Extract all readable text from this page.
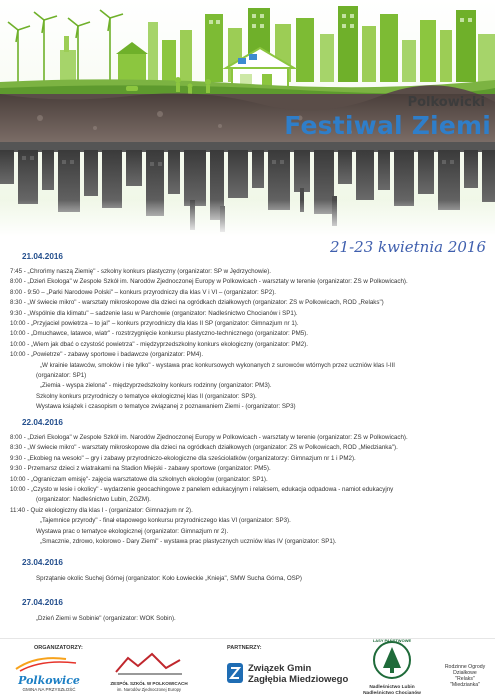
Polkowicki
Festiwal Ziemi
21-23 kwietnia 2016
21.04.2016
7:45 - „Chrońmy naszą Ziemię" - szkolny konkurs plastyczny (organizator: SP w Jędrzychowie).
8:00 - „Dzień Ekologa" w Zespole Szkół im. Narodów Zjednoczonej Europy w Polkowicach - warsztaty w terenie (organizator: ZS w Polkowicach).
8:00 - 9:50 – „Parki Narodowe Polski" – konkurs przyrodniczy dla klas V i VI – (organizator: SP2).
8:30 - „W świecie mikro" - warsztaty mikroskopowe dla dzieci na ogródkach działkowych (organizator: ZS w Polkowicach, ROD „Relaks")
9:30 - „Wspólnie dla klimatu" – sadzenie lasu w Parchowie (organizator: Nadleśnictwo Chocianów i SP1).
10:00 - „Przyjaciel powietrza – to ja!" – konkurs przyrodniczy dla klas II SP (organizator: Gimnazjum nr 1).
10:00 - „Dmuchawce, latawce, wiatr" - rozstrzygnięcie konkursu plastyczno-technicznego (organizator: PM5).
10:00 - „Wiem jak dbać o czystość powietrza" - międzyprzedszkolny konkurs ekologiczny (organizator: PM2).
10:00 - „Powietrze" - zabawy sportowe i badawcze (organizator: PM4).
„W krainie latawców, smoków i nie tylko" - wystawa prac konkursowych wykonanych z surowców wtórnych przez uczniów klas I-III
(organizator: SP1)
„Ziemia - wyspa zielona" - międzyprzedszkolny konkurs rodzinny (organizator: PM3).
Szkolny konkurs przyrodniczy o tematyce ekologicznej klas II (organizator: SP3).
Wystawa książek i czasopism o tematyce związanej z poznawaniem Ziemi - (organizator: SP3)
22.04.2016
8:00 - „Dzień Ekologa" w Zespole Szkół im. Narodów Zjednoczonej Europy w Polkowicach - warsztaty w terenie (organizator: ZS w Polkowicach).
8:30 - „W świecie mikro" - warsztaty mikroskopowe dla dzieci na ogródkach działkowych (organizator: ZS w Polkowicach, ROD „Miedzianka").
9:30 - „Ekobieg na wesoło" – gry i zabawy przyrodniczo-ekologiczne dla sześciolatków (organizatorzy: Gimnazjum nr 1 i PM2).
9:30 - Przemarsz dzieci z wiatrakami na Stadion Miejski - zabawy sportowe (organizator: PM5).
10:00 - „Ograniczam emisję"- zajęcia warsztatowe dla szkolnych ekologów (organizator: SP1).
10:00 - „Czysto w lesie i okolicy" - wydarzenie geocachingowe z panelem edukacyjnym i relaksem, edukacja odpadowa - namiot edukacyjny
(organizator: Nadleśnictwo Lubin, ZGZM).
11:40 - Quiz ekologiczny dla klas I - (organizator: Gimnazjum nr 2).
„Tajemnice przyrody" - finał etapowego konkursu przyrodniczego klas VI (organizator: SP3).
Wystawa prac o tematyce ekologicznej (organizator: Gimnazjum nr 2).
„Smacznie, zdrowo, kolorowo - Dary Ziemi" - wystawa prac plastycznych uczniów klas IV (organizator: SP1).
23.04.2016
Sprzątanie okolic Suchej Górnej (organizator: Koło Łowieckie „Knieja", SMW Sucha Górna, OSP)
27.04.2016
„Dzień Ziemi w Sobinie" (organizator: WOK Sobin).
ORGANIZATORZY:	PARTNERZY:
Polkowice
GMINA NA PRZYSZŁOŚĆ
ZESPÓŁ SZKÓŁ W POLKOWICACH
im. Narodów Zjednoczonej Europy
Związek Gmin
Zagłębia Miedziowego
LASY PAŃSTWOWE
Nadleśnictwo Lubin
Nadleśnictwo Chocianów
Rodzinne Ogrody Działkowe
"Relaks"
"Miedzianka"
